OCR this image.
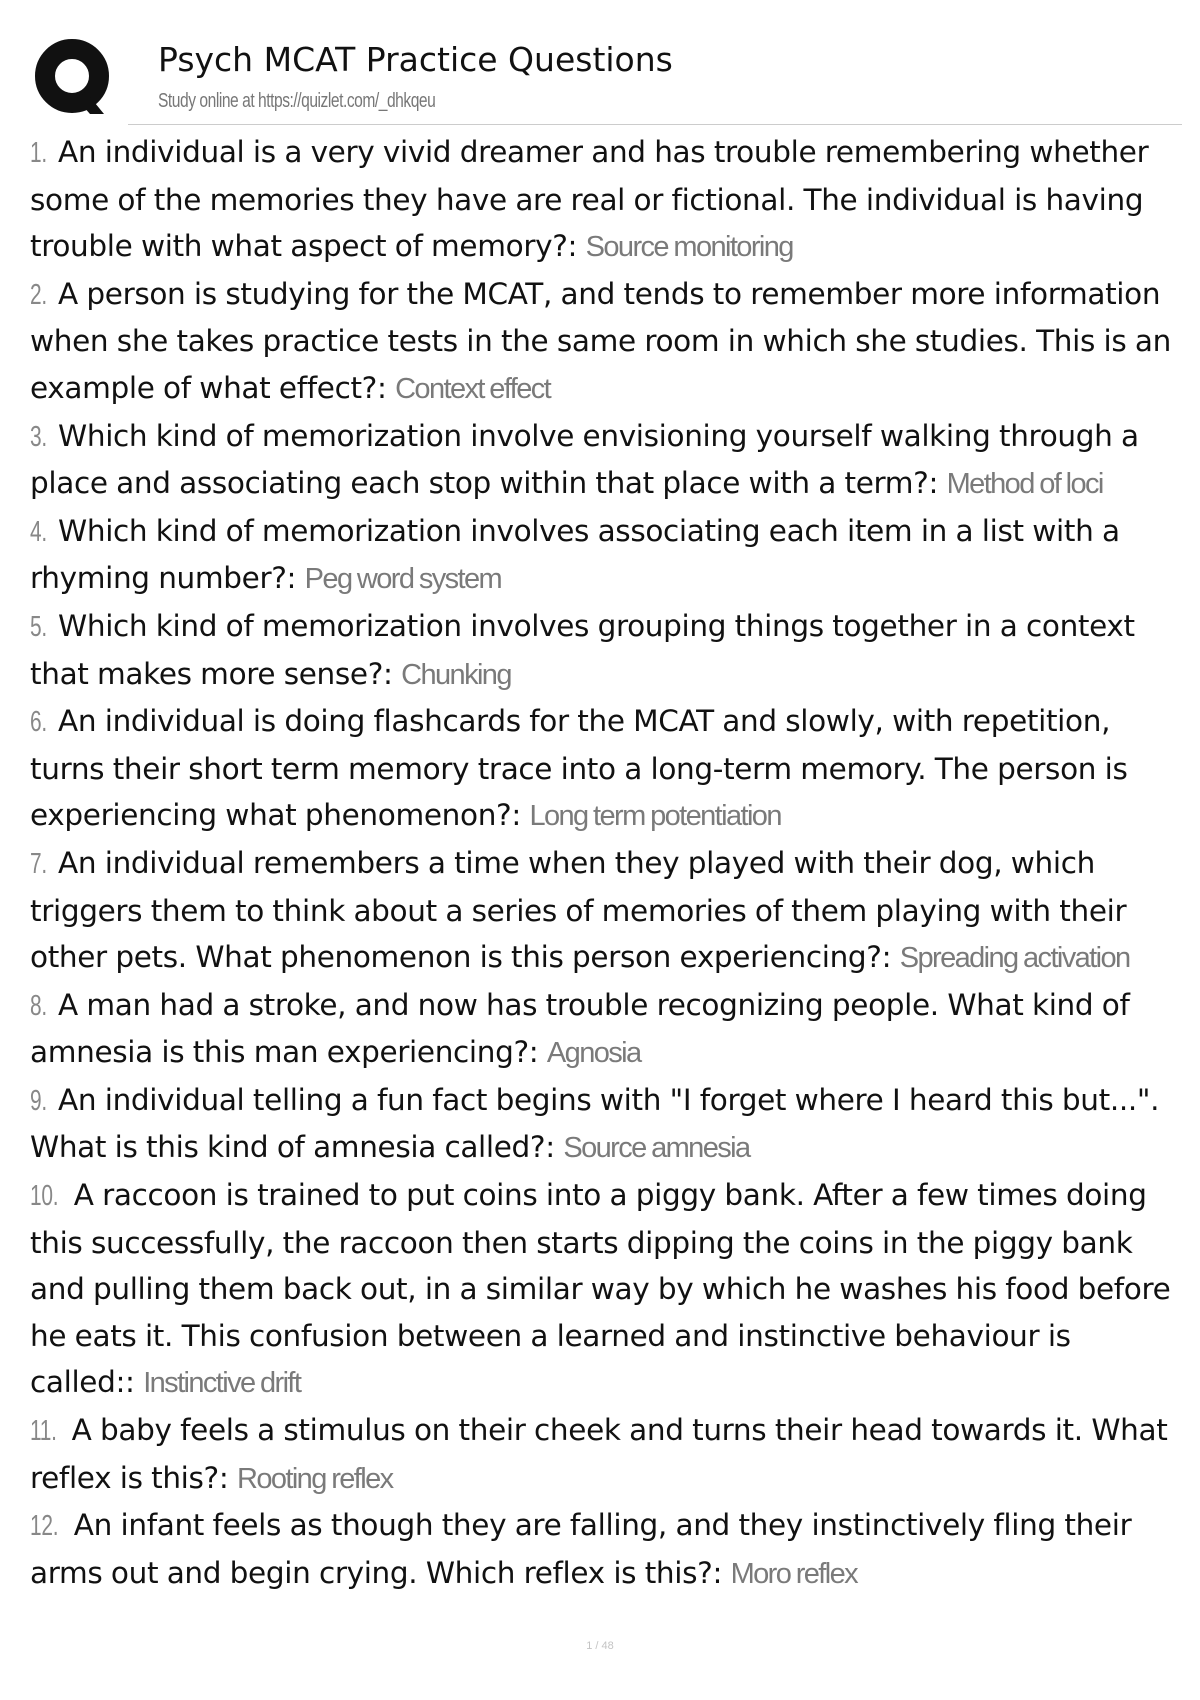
Psych MCAT Practice Questions
Study online at https://quizlet.com/_dhkqeu
1. An individual is a very vivid dreamer and has trouble remembering whether some of the memories they have are real or fictional. The individual is having trouble with what aspect of memory?: Source monitoring
2. A person is studying for the MCAT, and tends to remember more information when she takes practice tests in the same room in which she studies. This is an example of what effect?: Context effect
3. Which kind of memorization involve envisioning yourself walking through a place and associating each stop within that place with a term?: Method of loci
4. Which kind of memorization involves associating each item in a list with a rhyming number?: Peg word system
5. Which kind of memorization involves grouping things together in a context that makes more sense?: Chunking
6. An individual is doing flashcards for the MCAT and slowly, with repetition, turns their short term memory trace into a long-term memory. The person is experiencing what phenomenon?: Long term potentiation
7. An individual remembers a time when they played with their dog, which triggers them to think about a series of memories of them playing with their other pets. What phenomenon is this person experiencing?: Spreading activation
8. A man had a stroke, and now has trouble recognizing people. What kind of amnesia is this man experiencing?: Agnosia
9. An individual telling a fun fact begins with "I forget where I heard this but...". What is this kind of amnesia called?: Source amnesia
10. A raccoon is trained to put coins into a piggy bank. After a few times doing this successfully, the raccoon then starts dipping the coins in the piggy bank and pulling them back out, in a similar way by which he washes his food before he eats it. This confusion between a learned and instinctive behaviour is called:: Instinctive drift
11. A baby feels a stimulus on their cheek and turns their head towards it. What reflex is this?: Rooting reflex
12. An infant feels as though they are falling, and they instinctively fling their arms out and begin crying. Which reflex is this?: Moro reflex
1 / 48
